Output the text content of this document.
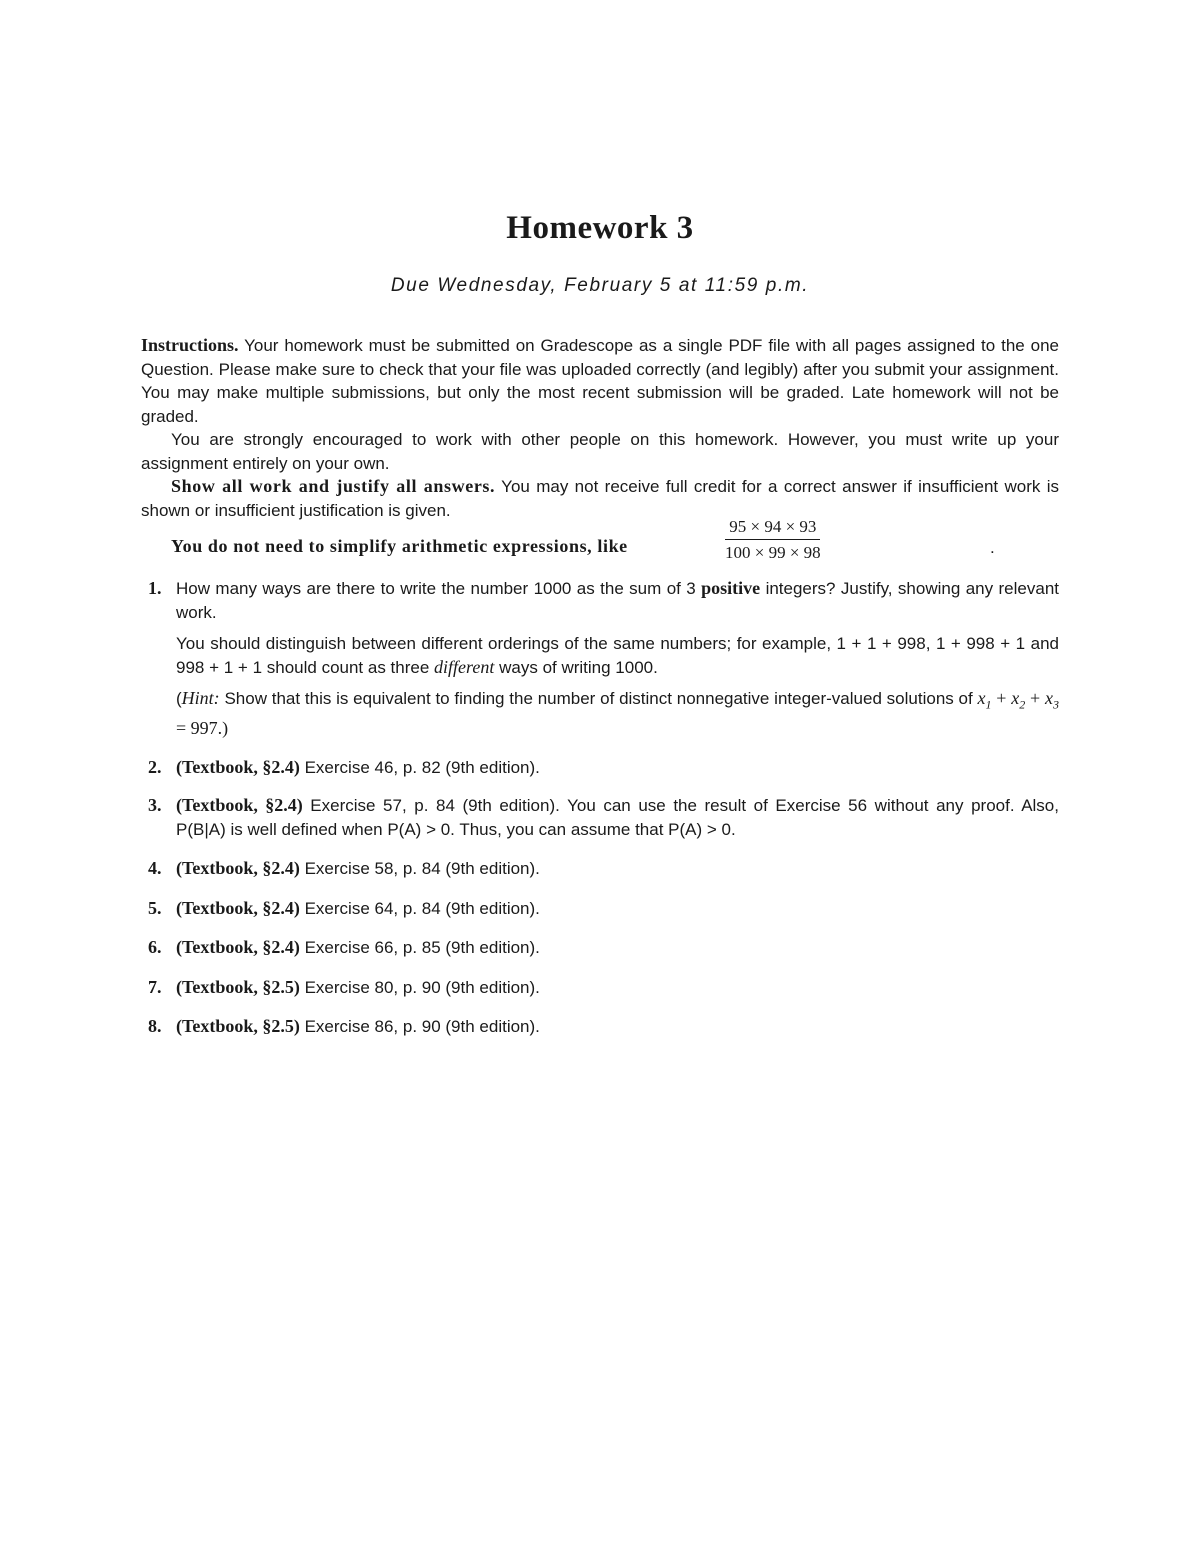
Homework 3
Due Wednesday, February 5 at 11:59 p.m.

Instructions. Your homework must be submitted on Gradescope as a single PDF file with all pages assigned to the one Question. Please make sure to check that your file was uploaded correctly (and legibly) after you submit your assignment. You may make multiple submissions, but only the most recent submission will be graded. Late homework will not be graded.

You are strongly encouraged to work with other people on this homework. However, you must write up your assignment entirely on your own.

Show all work and justify all answers. You may not receive full credit for a correct answer if insufficient work is shown or insufficient justification is given.

You do not need to simplify arithmetic expressions, like	$\frac{95 \times 94 \times 93}{100 \times 99 \times 98}$	.
1. How many ways are there to write the number 1000 as the sum of 3 positive integers? Justify, showing any relevant work.

You should distinguish between different orderings of the same numbers; for example, 1 + 1 + 998, 1 + 998 + 1 and 998 + 1 + 1 should count as three different ways of writing 1000.

(Hint: Show that this is equivalent to finding the number of distinct nonnegative integer-valued solutions of $x_1 + x_2 + x_3 = 997$.)

2. (Textbook, §2.4) Exercise 46, p. 82 (9th edition).

3. (Textbook, §2.4) Exercise 57, p. 84 (9th edition). You can use the result of Exercise 56 without any proof. Also, P(B|A) is well defined when P(A) > 0. Thus, you can assume that P(A) > 0.

4. (Textbook, §2.4) Exercise 58, p. 84 (9th edition).

5. (Textbook, §2.4) Exercise 64, p. 84 (9th edition).

6. (Textbook, §2.4) Exercise 66, p. 85 (9th edition).

7. (Textbook, §2.5) Exercise 80, p. 90 (9th edition).

8. (Textbook, §2.5) Exercise 86, p. 90 (9th edition).
